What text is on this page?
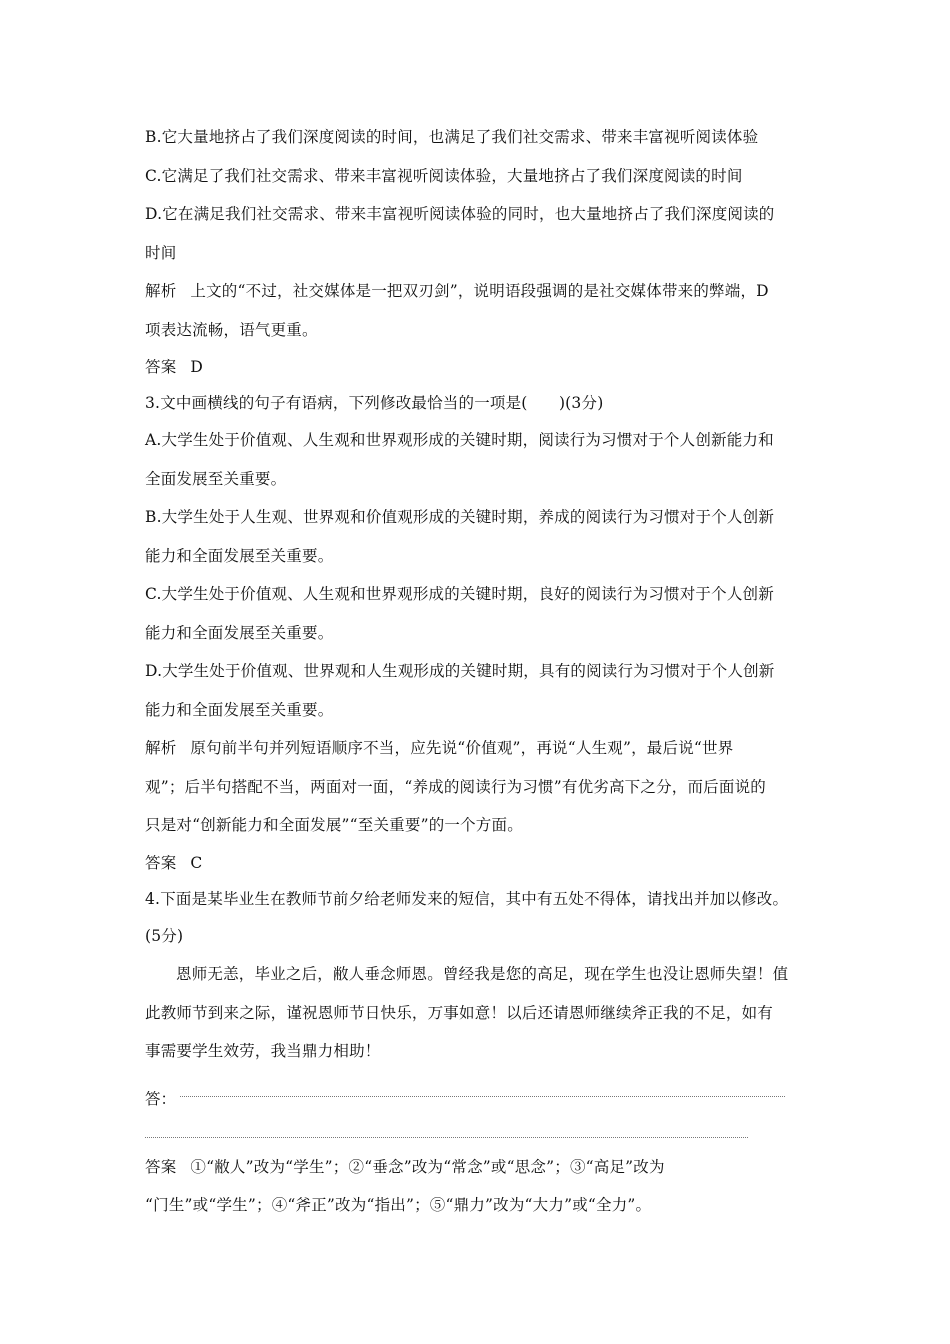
B.它大量地挤占了我们深度阅读的时间，也满足了我们社交需求、带来丰富视听阅读体验
C.它满足了我们社交需求、带来丰富视听阅读体验，大量地挤占了我们深度阅读的时间
D.它在满足我们社交需求、带来丰富视听阅读体验的同时，也大量地挤占了我们深度阅读的
时间
解析 上文的“不过，社交媒体是一把双刃剑”，说明语段强调的是社交媒体带来的弊端，D
项表达流畅，语气更重。
答案 D
3.文中画横线的句子有语病，下列修改最恰当的一项是(　　)(3分)
A.大学生处于价值观、人生观和世界观形成的关键时期，阅读行为习惯对于个人创新能力和
全面发展至关重要。
B.大学生处于人生观、世界观和价值观形成的关键时期，养成的阅读行为习惯对于个人创新
能力和全面发展至关重要。
C.大学生处于价值观、人生观和世界观形成的关键时期，良好的阅读行为习惯对于个人创新
能力和全面发展至关重要。
D.大学生处于价值观、世界观和人生观形成的关键时期，具有的阅读行为习惯对于个人创新
能力和全面发展至关重要。
解析 原句前半句并列短语顺序不当，应先说“价值观”，再说“人生观”，最后说“世界
观”；后半句搭配不当，两面对一面，“养成的阅读行为习惯”有优劣高下之分，而后面说的
只是对“创新能力和全面发展”“至关重要”的一个方面。
答案 C
4.下面是某毕业生在教师节前夕给老师发来的短信，其中有五处不得体，请找出并加以修改。
(5分)
恩师无恙，毕业之后，敝人垂念师恩。曾经我是您的高足，现在学生也没让恩师失望！值
此教师节到来之际，谨祝恩师节日快乐，万事如意！以后还请恩师继续斧正我的不足，如有
事需要学生效劳，我当鼎力相助！
答：
答案 ①“敝人”改为“学生”；②“垂念”改为“常念”或“思念”；③“高足”改为
“门生”或“学生”；④“斧正”改为“指出”；⑤“鼎力”改为“大力”或“全力”。
